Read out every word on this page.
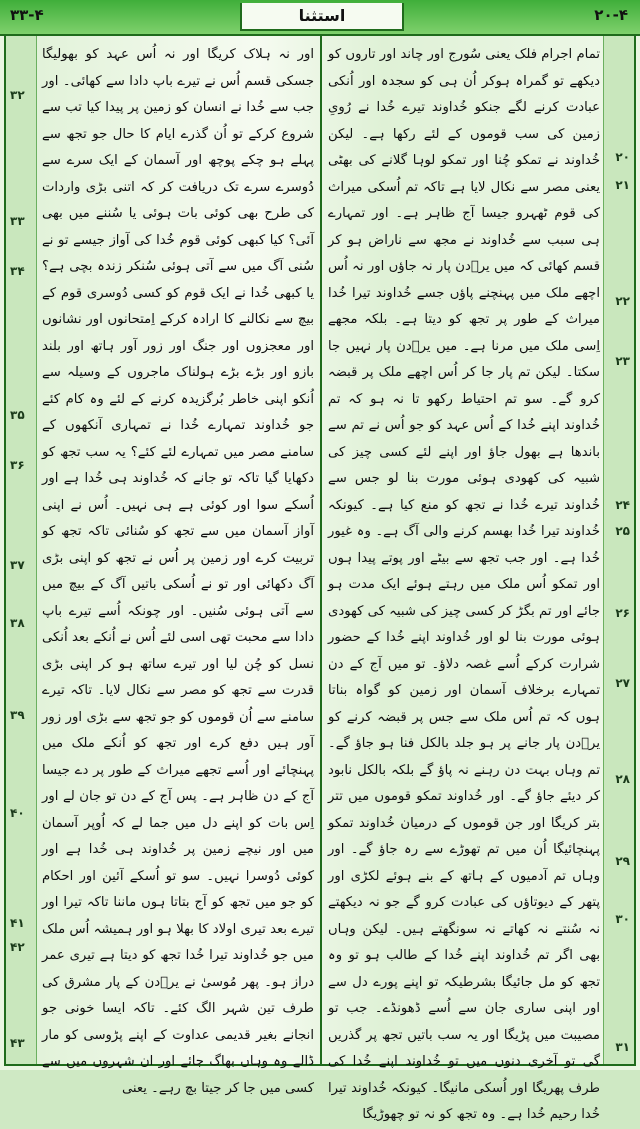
۳۳-۴	استثنا	۲۰-۴
۳۲
۳۳
۳۴
۳۵
۳۶
۳۷
۳۸
۳۹
۴۰
۴۱
۴۲
۴۳

اور نہ ہلاک کریگا اور نہ اُس عہد کو بھولیگا جسکی قسم اُس نے تیرے باپ دادا سے کھائی۔ اور جب سے خُدا نے انسان کو زمین پر پیدا کیا تب سے شروع کرکے تو اُن گذرے ایام کا حال جو تجھ سے پہلے ہو چکے پوچھ اور آسمان کے ایک سرے سے دُوسرے سرے تک دریافت کر کہ اتنی بڑی واردات کی طرح بھی کوئی بات ہوئی یا سُننے میں بھی آئی؟ کیا کبھی کوئی قوم خُدا کی آواز جیسے تو نے سُنی آگ میں سے آتی ہوئی سُنکر زندہ بچی ہے؟ یا کبھی خُدا نے ایک قوم کو کسی دُوسری قوم کے بیچ سے نکالنے کا ارادہ کرکے اِمتحانوں اور نشانوں اور معجزوں اور جنگ اور زور آور ہاتھ اور بلند بازو اور بڑے بڑے ہولناک ماجروں کے وسیلہ سے اُنکو اپنی خاطر بُرگزیدہ کرنے کے لئے وہ کام کئے جو خُداوند تمہارے خُدا نے تمہاری آنکھوں کے سامنے مصر میں تمہارے لئے کئے؟ یہ سب تجھ کو دکھایا گیا تاکہ تو جانے کہ خُداوند ہی خُدا ہے اور اُسکے سوا اور کوئی ہے ہی نہیں۔ اُس نے اپنی آواز آسمان میں سے تجھ کو سُنائی تاکہ تجھ کو تربیت کرے اور زمین پر اُس نے تجھ کو اپنی بڑی آگ دکھائی اور تو نے اُسکی باتیں آگ کے بیچ میں سے آتی ہوئی سُنیں۔ اور چونکہ اُسے تیرے باپ دادا سے محبت تھی اسی لئے اُس نے اُنکے بعد اُنکی نسل کو چُن لیا اور تیرے ساتھ ہو کر اپنی بڑی قدرت سے تجھ کو مصر سے نکال لایا۔ تاکہ تیرے سامنے سے اُن قوموں کو جو تجھ سے بڑی اور زور آور ہیں دفع کرے اور تجھ کو اُنکے ملک میں پہنچائے اور اُسے تجھے میراث کے طور پر دے جیسا آج کے دن ظاہر ہے۔ پس آج کے دن تو جان لے اور اِس بات کو اپنے دل میں جما لے کہ اُوپر آسمان میں اور نیچے زمین پر خُداوند ہی خُدا ہے اور کوئی دُوسرا نہیں۔ سو تو اُسکے آئین اور احکام کو جو میں تجھ کو آج بتاتا ہوں ماننا تاکہ تیرا اور تیرے بعد تیری اولاد کا بھلا ہو اور ہمیشہ اُس ملک میں جو خُداوند تیرا خُدا تجھ کو دیتا ہے تیری عمر دراز ہو۔ پھر مُوسیٰ نے یرؔدن کے پار مشرق کی طرف تین شہر الگ کئے۔ تاکہ ایسا خونی جو انجانے بغیر قدیمی عداوت کے اپنے پڑوسی کو مار ڈالے وہ وہاں بھاگ جائے اور ان شہروں میں سے کسی میں جا کر جیتا بچ رہے۔ یعنی

تمام اجرام فلک یعنی سُورج اور چاند اور تاروں کو دیکھے تو گمراہ ہوکر اُن ہی کو سجدہ اور اُنکی عبادت کرنے لگے جنکو خُداوند تیرے خُدا نے رُویِ زمین کی سب قوموں کے لئے رکھا ہے۔ لیکن خُداوند نے تمکو چُنا اور تمکو لوہا گلانے کی بھٹی یعنی مصر سے نکال لایا ہے تاکہ تم اُسکی میراث کی قوم ٹھہرو جیسا آج ظاہر ہے۔ اور تمہارے ہی سبب سے خُداوند نے مجھ سے ناراض ہو کر قسم کھائی کہ میں یرؔدن پار نہ جاؤں اور نہ اُس اچھے ملک میں پہنچنے پاؤں جسے خُداوند تیرا خُدا میراث کے طور پر تجھ کو دیتا ہے۔ بلکہ مجھے اِسی ملک میں مرنا ہے۔ میں یرؔدن پار نہیں جا سکتا۔ لیکن تم پار جا کر اُس اچھے ملک پر قبضہ کرو گے۔ سو تم احتیاط رکھو تا نہ ہو کہ تم خُداوند اپنے خُدا کے اُس عہد کو جو اُس نے تم سے باندھا ہے بھول جاؤ اور اپنے لئے کسی چیز کی شبیہ کی کھودی ہوئی مورت بنا لو جس سے خُداوند تیرے خُدا نے تجھ کو منع کیا ہے۔ کیونکہ خُداوند تیرا خُدا بھسم کرنے والی آگ ہے۔ وہ غیور خُدا ہے۔ اور جب تجھ سے بیٹے اور پوتے پیدا ہوں اور تمکو اُس ملک میں رہتے ہوئے ایک مدت ہو جائے اور تم بگڑ کر کسی چیز کی شبیہ کی کھودی ہوئی مورت بنا لو اور خُداوند اپنے خُدا کے حضور شرارت کرکے اُسے غصہ دلاؤ۔ تو میں آج کے دن تمہارے برخلاف آسمان اور زمین کو گواہ بناتا ہوں کہ تم اُس ملک سے جس پر قبضہ کرنے کو یرؔدن پار جانے پر ہو جلد بالکل فنا ہو جاؤ گے۔ تم وہاں بہت دن رہنے نہ پاؤ گے بلکہ بالکل نابود کر دیئے جاؤ گے۔ اور خُداوند تمکو قوموں میں تتر بتر کریگا اور جن قوموں کے درمیان خُداوند تمکو پہنچائیگا اُن میں تم تھوڑے سے رہ جاؤ گے۔ اور وہاں تم آدمیوں کے ہاتھ کے بنے ہوئے لکڑی اور پتھر کے دیوتاؤں کی عبادت کرو گے جو نہ دیکھتے نہ سُنتے نہ کھاتے نہ سونگھتے ہیں۔ لیکن وہاں بھی اگر تم خُداوند اپنے خُدا کے طالب ہو تو وہ تجھ کو مل جائیگا بشرطیکہ تو اپنے پورے دل سے اور اپنی ساری جان سے اُسے ڈھونڈے۔ جب تو مصیبت میں پڑیگا اور یہ سب باتیں تجھ پر گذریں گی تو آخری دنوں میں تو خُداوند اپنے خُدا کی طرف پھریگا اور اُسکی مانیگا۔ کیونکہ خُداوند تیرا خُدا رحیم خُدا ہے۔ وہ تجھ کو نہ تو چھوڑیگا

۲۰
۲۱
۲۲
۲۳
۲۴
۲۵
۲۶
۲۷
۲۸
۲۹
۳۰
۳۱
